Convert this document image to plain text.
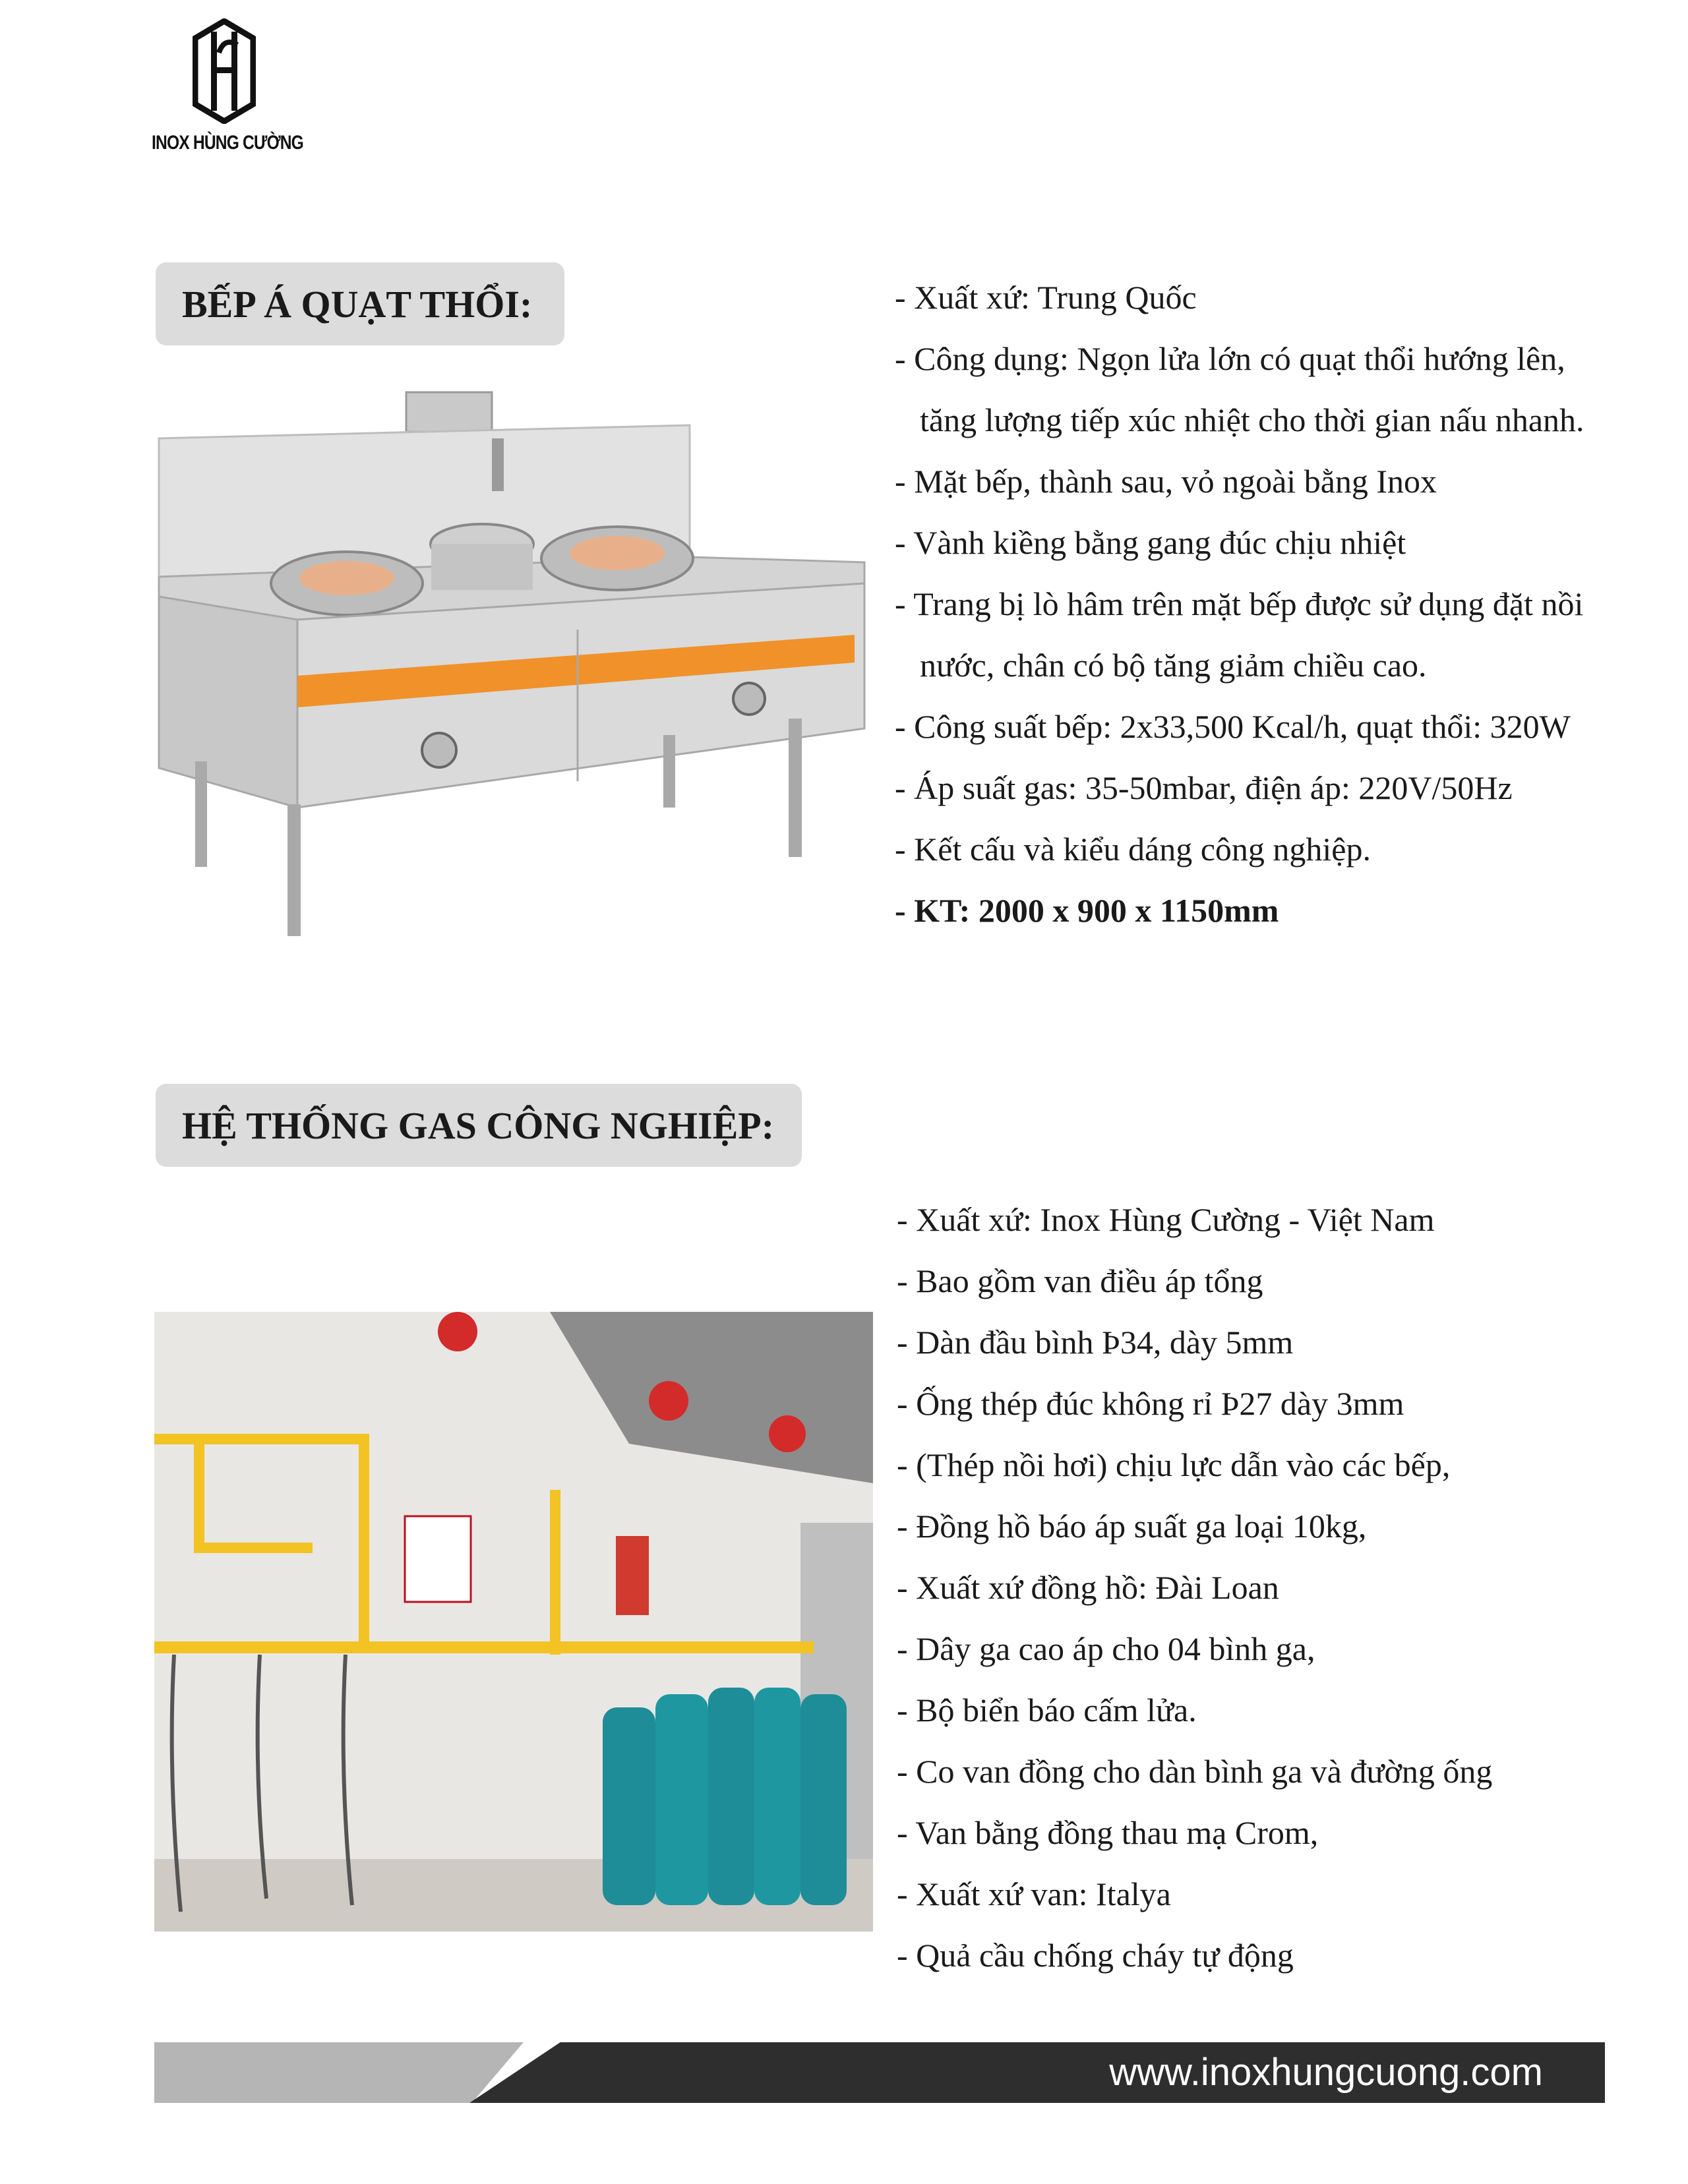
INOX HÙNG CƯỜNG
BẾP Á QUẠT THỔI:	- Xuất xứ: Trung Quốc
- Công dụng: Ngọn lửa lớn có quạt thổi hướng lên,
tăng lượng tiếp xúc nhiệt cho thời gian nấu nhanh.
- Mặt bếp, thành sau, vỏ ngoài bằng Inox
- Vành kiềng bằng gang đúc chịu nhiệt
- Trang bị lò hâm trên mặt bếp được sử dụng đặt nồi
nước, chân có bộ tăng giảm chiều cao.
- Công suất bếp: 2x33,500 Kcal/h, quạt thổi: 320W
- Áp suất gas: 35-50mbar, điện áp: 220V/50Hz
- Kết cấu và kiểu dáng công nghiệp.
- KT: 2000 x 900 x 1150mm
HỆ THỐNG GAS CÔNG NGHIỆP:
- Xuất xứ: Inox Hùng Cường - Việt Nam
- Bao gồm van điều áp tổng
- Dàn đầu bình Þ34, dày 5mm
- Ống thép đúc không rỉ Þ27 dày 3mm
- (Thép nồi hơi) chịu lực dẫn vào các bếp,
- Đồng hồ báo áp suất ga loại 10kg,
- Xuất xứ đồng hồ: Đài Loan
- Dây ga cao áp cho 04 bình ga,
- Bộ biển báo cấm lửa.
- Co van đồng cho dàn bình ga và đường ống
- Van bằng đồng thau mạ Crom,
- Xuất xứ van: Italya
- Quả cầu chống cháy tự động
www.inoxhungcuong.com
